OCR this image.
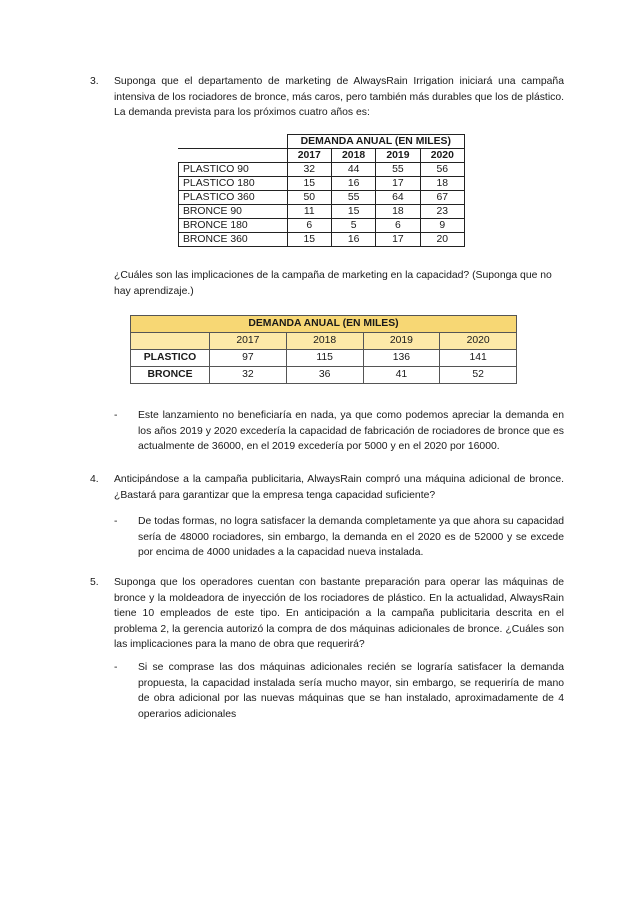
3. Suponga que el departamento de marketing de AlwaysRain Irrigation iniciará una campaña intensiva de los rociadores de bronce, más caros, pero también más durables que los de plástico. La demanda prevista para los próximos cuatro años es:
	DEMANDA ANUAL (EN MILES)			
	2017	2018	2019	2020
PLASTICO 90	32	44	55	56
PLASTICO 180	15	16	17	18
PLASTICO 360	50	55	64	67
BRONCE 90	11	15	18	23
BRONCE 180	6	5	6	9
BRONCE 360	15	16	17	20
¿Cuáles son las implicaciones de la campaña de marketing en la capacidad? (Suponga que no hay aprendizaje.)
DEMANDA ANUAL (EN MILES)				
	2017	2018	2019	2020
PLASTICO	97	115	136	141
BRONCE	32	36	41	52
- Este lanzamiento no beneficiaría en nada, ya que como podemos apreciar la demanda en los años 2019 y 2020 excedería la capacidad de fabricación de rociadores de bronce que es actualmente de 36000, en el 2019 excedería por 5000 y en el 2020 por 16000.
4. Anticipándose a la campaña publicitaria, AlwaysRain compró una máquina adicional de bronce. ¿Bastará para garantizar que la empresa tenga capacidad suficiente?
- De todas formas, no logra satisfacer la demanda completamente ya que ahora su capacidad sería de 48000 rociadores, sin embargo, la demanda en el 2020 es de 52000 y se excede por encima de 4000 unidades a la capacidad nueva instalada.
5. Suponga que los operadores cuentan con bastante preparación para operar las máquinas de bronce y la moldeadora de inyección de los rociadores de plástico. En la actualidad, AlwaysRain tiene 10 empleados de este tipo. En anticipación a la campaña publicitaria descrita en el problema 2, la gerencia autorizó la compra de dos máquinas adicionales de bronce. ¿Cuáles son las implicaciones para la mano de obra que requerirá?
- Si se comprase las dos máquinas adicionales recién se lograría satisfacer la demanda propuesta, la capacidad instalada sería mucho mayor, sin embargo, se requeriría de mano de obra adicional por las nuevas máquinas que se han instalado, aproximadamente de 4 operarios adicionales
